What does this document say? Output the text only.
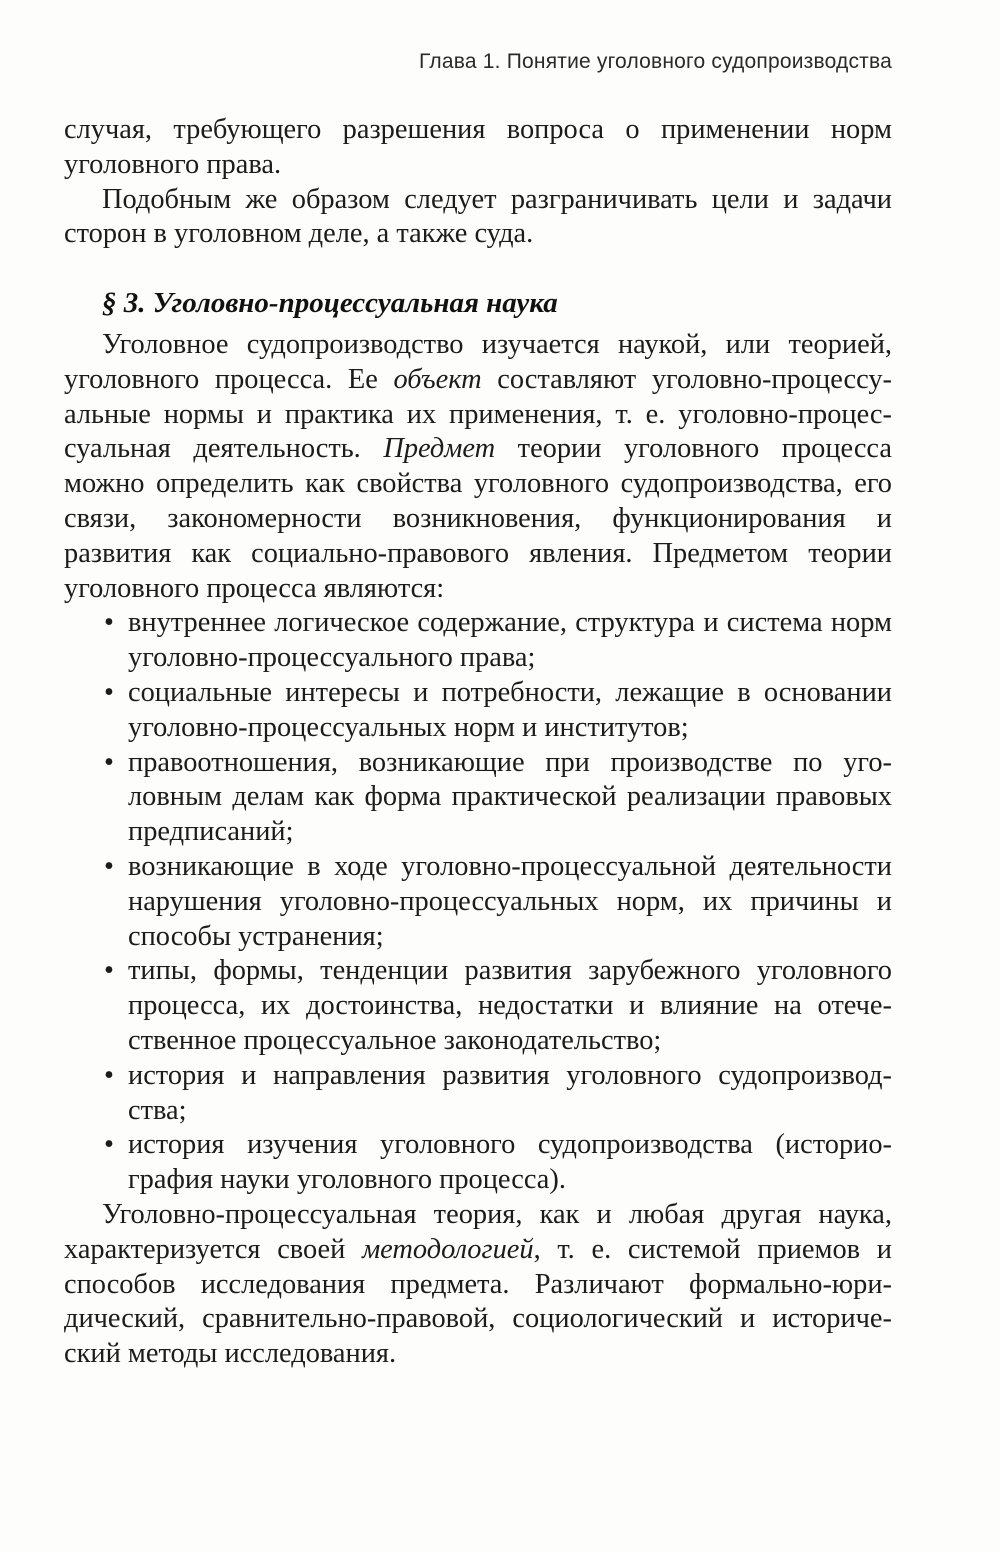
Глава 1. Понятие уголовного судопроизводства

случая, требующего разрешения вопроса о применении норм уголовного права.

Подобным же образом следует разграничивать цели и задачи сторон в уголовном деле, а также суда.

§ 3. Уголовно-процессуальная наука

Уголовное судопроизводство изучается наукой, или теорией, уголовного процесса. Ее объект составляют уголовно-процессуальные нормы и практика их применения, т. е. уголовно-процессуальная деятельность. Предмет теории уголовного процесса можно определить как свойства уголовного судопроизводства, его связи, закономерности возникновения, функционирования и развития как социально-правового явления. Предметом теории уголовного процесса являются:

• внутреннее логическое содержание, структура и система норм уголовно-процессуального права;
• социальные интересы и потребности, лежащие в основании уголовно-процессуальных норм и институтов;
• правоотношения, возникающие при производстве по уголовным делам как форма практической реализации правовых предписаний;
• возникающие в ходе уголовно-процессуальной деятельности нарушения уголовно-процессуальных норм, их причины и способы устранения;
• типы, формы, тенденции развития зарубежного уголовного процесса, их достоинства, недостатки и влияние на отечественное процессуальное законодательство;
• история и направления развития уголовного судопроизводства;
• история изучения уголовного судопроизводства (историография науки уголовного процесса).

Уголовно-процессуальная теория, как и любая другая наука, характеризуется своей методологией, т. е. системой приемов и способов исследования предмета. Различают формально-юридический, сравнительно-правовой, социологический и исторический методы исследования.
